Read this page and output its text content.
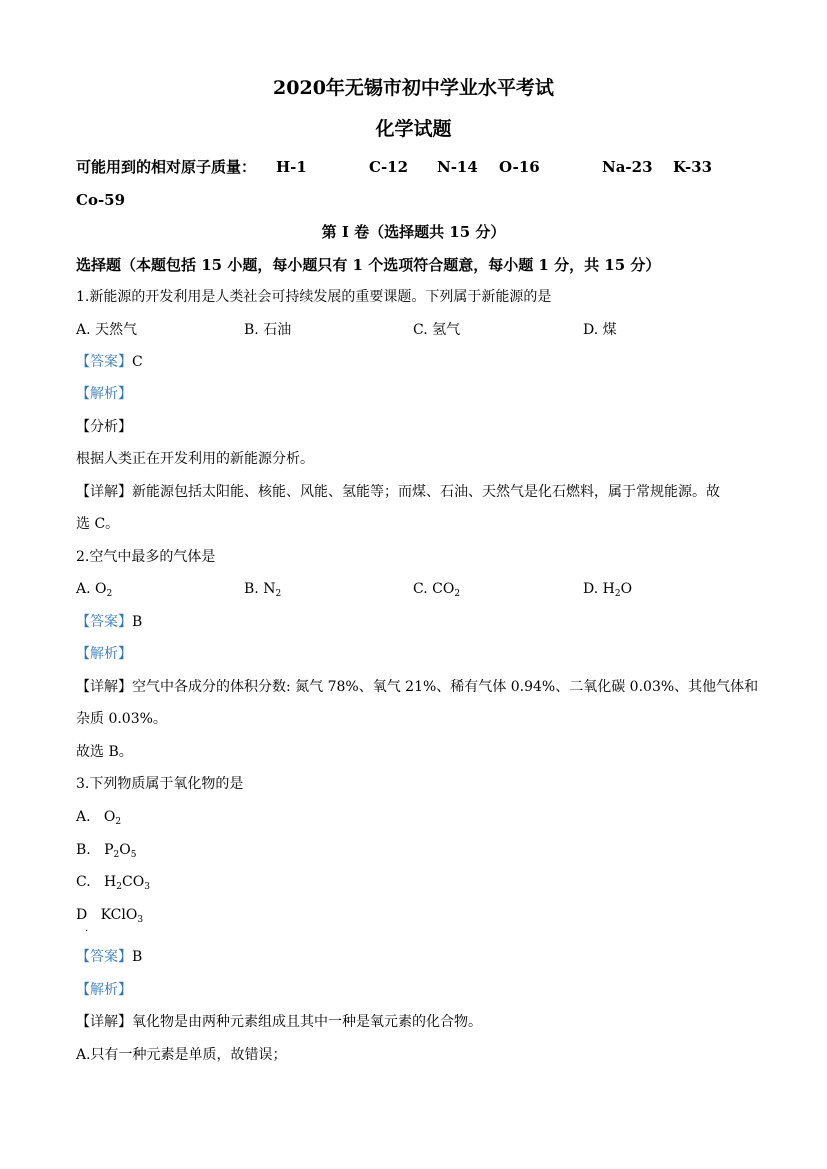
2020年无锡市初中学业水平考试
化学试题
可能用到的相对原子质量： H-1	C-12 N-14 O-16	Na-23 K-33
Co-59
第 I 卷（选择题共 15 分）
选择题（本题包括 15 小题，每小题只有 1 个选项符合题意，每小题 1 分，共 15 分）
1.新能源的开发利用是人类社会可持续发展的重要课题。下列属于新能源的是
A. 天然气	B. 石油	C. 氢气	D. 煤
【答案】C
【解析】
【分析】
根据人类正在开发利用的新能源分析。
【详解】新能源包括太阳能、核能、风能、氢能等；而煤、石油、天然气是化石燃料，属于常规能源。故
选 C。
2.空气中最多的气体是
A. $O_2$	B. $N_2$	C. $CO_2$	D. $H_2O$
【答案】B
【解析】
【详解】空气中各成分的体积分数: 氮气 78%、氧气 21%、稀有气体 0.94%、二氧化碳 0.03%、其他气体和
杂质 0.03%。
故选 B。
3.下列物质属于氧化物的是
A. $O_2$
B. $P_2O_5$
C. $H_2CO_3$
D KClO$_3$
.
【答案】B
【解析】
【详解】氧化物是由两种元素组成且其中一种是氧元素的化合物。
A.只有一种元素是单质，故错误；
